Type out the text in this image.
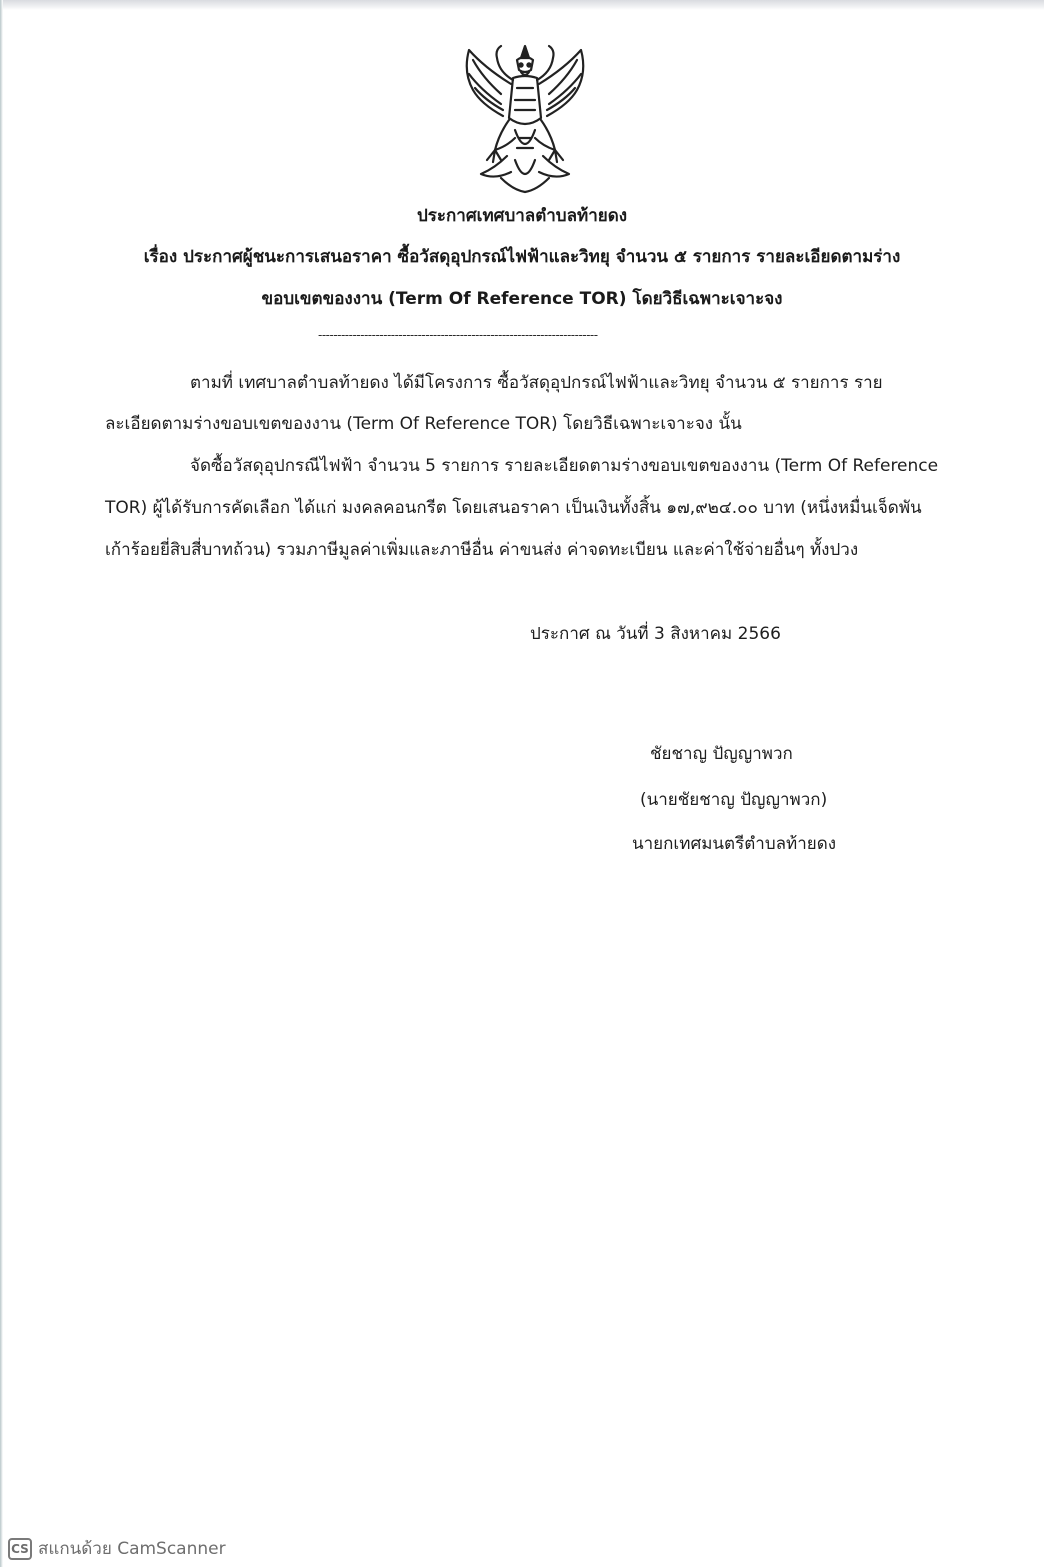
ประกาศเทศบาลตำบลท้ายดง
เรื่อง ประกาศผู้ชนะการเสนอราคา ซื้อวัสดุอุปกรณ์ไฟฟ้าและวิทยุ จำนวน ๕ รายการ รายละเอียดตามร่าง
ขอบเขตของงาน (Term Of Reference TOR) โดยวิธีเฉพาะเจาะจง
-------------------------------------------------------------------------
ตามที่ เทศบาลตำบลท้ายดง ได้มีโครงการ ซื้อวัสดุอุปกรณ์ไฟฟ้าและวิทยุ จำนวน ๕ รายการ ราย
ละเอียดตามร่างขอบเขตของงาน (Term Of Reference TOR) โดยวิธีเฉพาะเจาะจง นั้น
จัดซื้อวัสดุอุปกรณีไฟฟ้า จำนวน 5 รายการ รายละเอียดตามร่างขอบเขตของงาน (Term Of Reference
TOR) ผู้ได้รับการคัดเลือก ได้แก่ มงคลคอนกรีต โดยเสนอราคา เป็นเงินทั้งสิ้น ๑๗,๙๒๔.๐๐ บาท (หนึ่งหมื่นเจ็ดพัน
เก้าร้อยยี่สิบสี่บาทถ้วน) รวมภาษีมูลค่าเพิ่มและภาษีอื่น ค่าขนส่ง ค่าจดทะเบียน และค่าใช้จ่ายอื่นๆ ทั้งปวง
ประกาศ ณ วันที่ 3 สิงหาคม 2566
ชัยชาญ ปัญญาพวก
(นายชัยชาญ ปัญญาพวก)
นายกเทศมนตรีตำบลท้ายดง
CS สแกนด้วย CamScanner
